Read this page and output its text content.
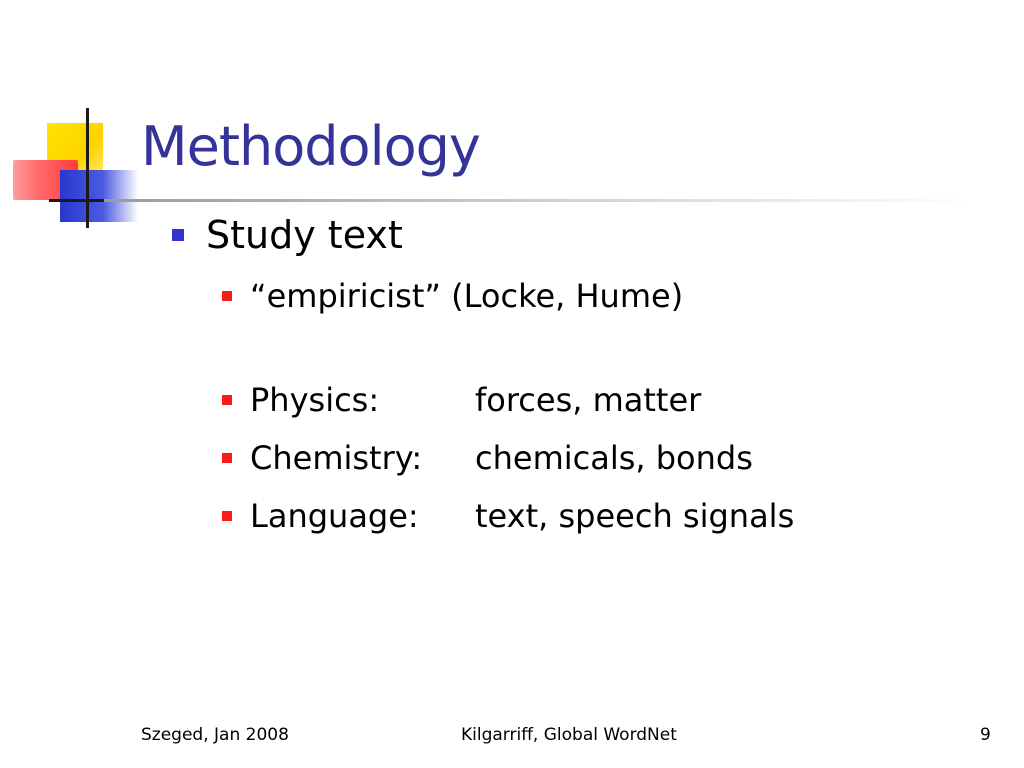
Methodology
Study text
“empiricist” (Locke, Hume)
Physics:	forces, matter
Chemistry:	chemicals, bonds
Language:	text, speech signals
Szeged, Jan 2008	Kilgarriff, Global WordNet	9
